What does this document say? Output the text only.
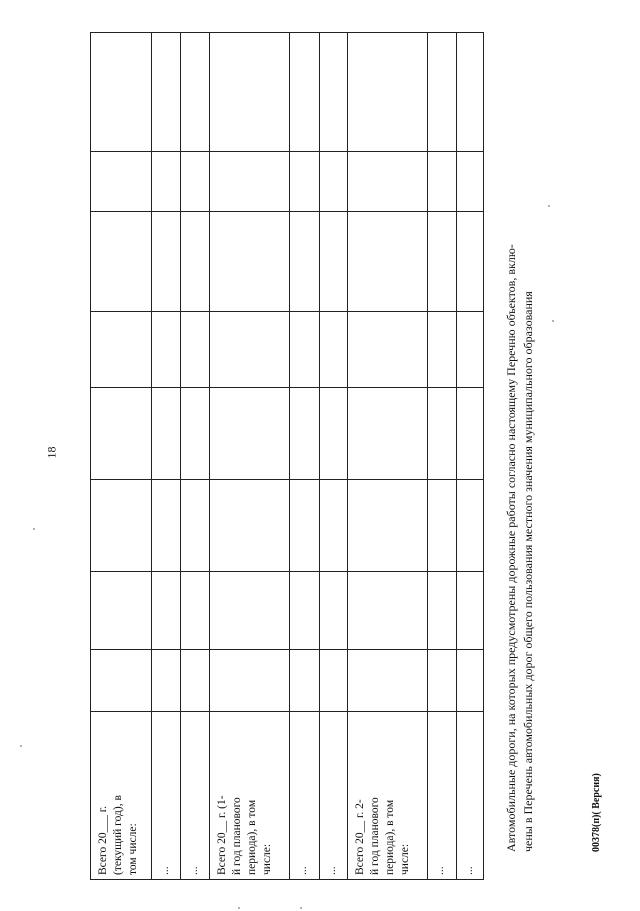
18
Всего 20___ г. (текущий год), в том числе: ... ... Всего 20__ г. (1- й год планового периода), в том числе: ... ... Всего 20__ г. 2- й год планового периода), в том числе: ... ...
Автомобильные дороги, на которых предусмотрены дорожные работы согласно настоящему Перечню объектов, вклю- чены в Перечень автомобильных дорог общего пользования местного значения муниципального образования	00378(п)( Версия)
